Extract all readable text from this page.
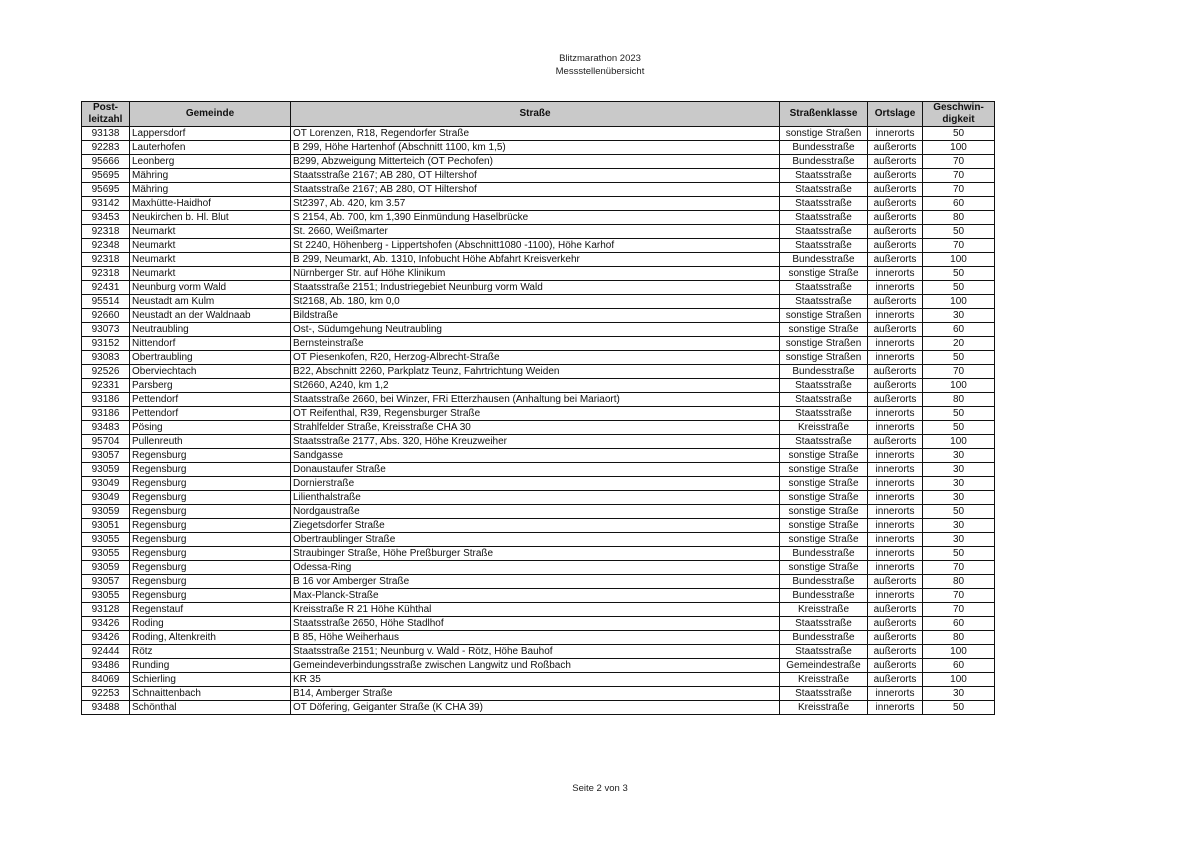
Blitzmarathon 2023
Messstellenübersicht
Post-
leitzahl	Gemeinde	Straße	Straßenklasse	Ortslage	Geschwin-
digkeit
93138	Lappersdorf	OT Lorenzen, R18, Regendorfer Straße	sonstige Straßen	innerorts	50
92283	Lauterhofen	B 299, Höhe Hartenhof (Abschnitt 1100, km 1,5)	Bundesstraße	außerorts	100
95666	Leonberg	B299, Abzweigung Mitterteich (OT Pechofen)	Bundesstraße	außerorts	70
95695	Mähring	Staatsstraße 2167; AB 280, OT Hiltershof	Staatsstraße	außerorts	70
95695	Mähring	Staatsstraße 2167; AB 280, OT Hiltershof	Staatsstraße	außerorts	70
93142	Maxhütte-Haidhof	St2397, Ab. 420, km 3.57	Staatsstraße	außerorts	60
93453	Neukirchen b. Hl. Blut	S 2154, Ab. 700, km 1,390 Einmündung Haselbrücke	Staatsstraße	außerorts	80
92318	Neumarkt	St. 2660, Weißmarter	Staatsstraße	außerorts	50
92348	Neumarkt	St 2240, Höhenberg - Lippertshofen (Abschnitt1080 -1100), Höhe Karhof	Staatsstraße	außerorts	70
92318	Neumarkt	B 299, Neumarkt, Ab. 1310, Infobucht Höhe Abfahrt Kreisverkehr	Bundesstraße	außerorts	100
92318	Neumarkt	Nürnberger Str. auf Höhe Klinikum	sonstige Straße	innerorts	50
92431	Neunburg vorm Wald	Staatsstraße 2151; Industriegebiet Neunburg vorm Wald	Staatsstraße	innerorts	50
95514	Neustadt am Kulm	St2168, Ab. 180, km 0,0	Staatsstraße	außerorts	100
92660	Neustadt an der Waldnaab	Bildstraße	sonstige Straßen	innerorts	30
93073	Neutraubling	Ost-, Südumgehung Neutraubling	sonstige Straße	außerorts	60
93152	Nittendorf	Bernsteinstraße	sonstige Straßen	innerorts	20
93083	Obertraubling	OT Piesenkofen, R20, Herzog-Albrecht-Straße	sonstige Straßen	innerorts	50
92526	Oberviechtach	B22, Abschnitt 2260, Parkplatz Teunz, Fahrtrichtung Weiden	Bundesstraße	außerorts	70
92331	Parsberg	St2660, A240, km 1,2	Staatsstraße	außerorts	100
93186	Pettendorf	Staatsstraße 2660, bei Winzer, FRi Etterzhausen (Anhaltung bei Mariaort)	Staatsstraße	außerorts	80
93186	Pettendorf	OT Reifenthal, R39, Regensburger Straße	Staatsstraße	innerorts	50
93483	Pösing	Strahlfelder Straße, Kreisstraße CHA 30	Kreisstraße	innerorts	50
95704	Pullenreuth	Staatsstraße 2177, Abs. 320, Höhe Kreuzweiher	Staatsstraße	außerorts	100
93057	Regensburg	Sandgasse	sonstige Straße	innerorts	30
93059	Regensburg	Donaustaufer Straße	sonstige Straße	innerorts	30
93049	Regensburg	Dornierstraße	sonstige Straße	innerorts	30
93049	Regensburg	Lilienthalstraße	sonstige Straße	innerorts	30
93059	Regensburg	Nordgaustraße	sonstige Straße	innerorts	50
93051	Regensburg	Ziegetsdorfer Straße	sonstige Straße	innerorts	30
93055	Regensburg	Obertraublinger Straße	sonstige Straße	innerorts	30
93055	Regensburg	Straubinger Straße, Höhe Preßburger Straße	Bundesstraße	innerorts	50
93059	Regensburg	Odessa-Ring	sonstige Straße	innerorts	70
93057	Regensburg	B 16 vor Amberger Straße	Bundesstraße	außerorts	80
93055	Regensburg	Max-Planck-Straße	Bundesstraße	innerorts	70
93128	Regenstauf	Kreisstraße R 21 Höhe Kühthal	Kreisstraße	außerorts	70
93426	Roding	Staatsstraße 2650, Höhe Stadlhof	Staatsstraße	außerorts	60
93426	Roding, Altenkreith	B 85, Höhe Weiherhaus	Bundesstraße	außerorts	80
92444	Rötz	Staatsstraße 2151; Neunburg v. Wald - Rötz, Höhe Bauhof	Staatsstraße	außerorts	100
93486	Runding	Gemeindeverbindungsstraße zwischen Langwitz und Roßbach	Gemeindestraße	außerorts	60
84069	Schierling	KR 35	Kreisstraße	außerorts	100
92253	Schnaittenbach	B14, Amberger Straße	Staatsstraße	innerorts	30
93488	Schönthal	OT Döfering, Geiganter Straße (K CHA 39)	Kreisstraße	innerorts	50
Seite 2 von 3
